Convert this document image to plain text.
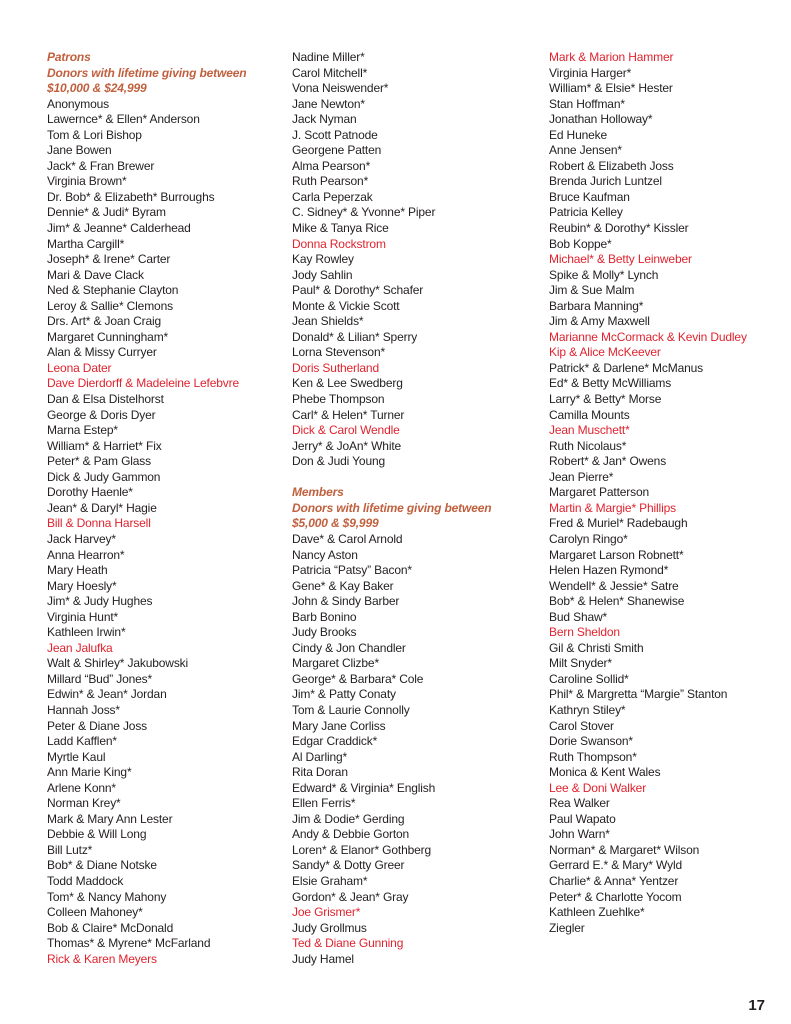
Patrons
Donors with lifetime giving between
$10,000 & $24,999
Anonymous
Lawernce* & Ellen* Anderson
Tom & Lori Bishop
Jane Bowen
Jack* & Fran Brewer
Virginia Brown*
Dr. Bob* & Elizabeth* Burroughs
Dennie* & Judi* Byram
Jim* & Jeanne* Calderhead
Martha Cargill*
Joseph* & Irene* Carter
Mari & Dave Clack
Ned & Stephanie Clayton
Leroy & Sallie* Clemons
Drs. Art* & Joan Craig
Margaret Cunningham*
Alan & Missy Curryer
Leona Dater
Dave Dierdorff & Madeleine Lefebvre
Dan & Elsa Distelhorst
George & Doris Dyer
Marna Estep*
William* & Harriet* Fix
Peter* & Pam Glass
Dick & Judy Gammon
Dorothy Haenle*
Jean* & Daryl* Hagie
Bill & Donna Harsell
Jack Harvey*
Anna Hearron*
Mary Heath
Mary Hoesly*
Jim* & Judy Hughes
Virginia Hunt*
Kathleen Irwin*
Jean Jalufka
Walt & Shirley* Jakubowski
Millard “Bud” Jones*
Edwin* & Jean* Jordan
Hannah Joss*
Peter & Diane Joss
Ladd Kafflen*
Myrtle Kaul
Ann Marie King*
Arlene Konn*
Norman Krey*
Mark & Mary Ann Lester
Debbie & Will Long
Bill Lutz*
Bob* & Diane Notske
Todd Maddock
Tom* & Nancy Mahony
Colleen Mahoney*
Bob & Claire* McDonald
Thomas* & Myrene* McFarland
Rick & Karen Meyers
Nadine Miller*
Carol Mitchell*
Vona Neiswender*
Jane Newton*
Jack Nyman
J. Scott Patnode
Georgene Patten
Alma Pearson*
Ruth Pearson*
Carla Peperzak
C. Sidney* & Yvonne* Piper
Mike & Tanya Rice
Donna Rockstrom
Kay Rowley
Jody Sahlin
Paul* & Dorothy* Schafer
Monte & Vickie Scott
Jean Shields*
Donald* & Lilian* Sperry
Lorna Stevenson*
Doris Sutherland
Ken & Lee Swedberg
Phebe Thompson
Carl* & Helen* Turner
Dick & Carol Wendle
Jerry* & JoAn* White
Don & Judi Young
Members
Donors with lifetime giving between
$5,000 & $9,999
Dave* & Carol Arnold
Nancy Aston
Patricia “Patsy” Bacon*
Gene* & Kay Baker
John & Sindy Barber
Barb Bonino
Judy Brooks
Cindy & Jon Chandler
Margaret Clizbe*
George* & Barbara* Cole
Jim* & Patty Conaty
Tom & Laurie Connolly
Mary Jane Corliss
Edgar Craddick*
Al Darling*
Rita Doran
Edward* & Virginia* English
Ellen Ferris*
Jim & Dodie* Gerding
Andy & Debbie Gorton
Loren* & Elanor* Gothberg
Sandy* & Dotty Greer
Elsie Graham*
Gordon* & Jean* Gray
Joe Grismer*
Judy Grollmus
Ted & Diane Gunning
Judy Hamel
Mark & Marion Hammer
Virginia Harger*
William* & Elsie* Hester
Stan Hoffman*
Jonathan Holloway*
Ed Huneke
Anne Jensen*
Robert & Elizabeth Joss
Brenda Jurich Luntzel
Bruce Kaufman
Patricia Kelley
Reubin* & Dorothy* Kissler
Bob Koppe*
Michael* & Betty Leinweber
Spike & Molly* Lynch
Jim & Sue Malm
Barbara Manning*
Jim & Amy Maxwell
Marianne McCormack & Kevin Dudley
Kip & Alice McKeever
Patrick* & Darlene* McManus
Ed* & Betty McWilliams
Larry* & Betty* Morse
Camilla Mounts
Jean Muschett*
Ruth Nicolaus*
Robert* & Jan* Owens
Jean Pierre*
Margaret Patterson
Martin & Margie* Phillips
Fred & Muriel* Radebaugh
Carolyn Ringo*
Margaret Larson Robnett*
Helen Hazen Rymond*
Wendell* & Jessie* Satre
Bob* & Helen* Shanewise
Bud Shaw*
Bern Sheldon
Gil & Christi Smith
Milt Snyder*
Caroline Sollid*
Phil* & Margretta “Margie” Stanton
Kathryn Stiley*
Carol Stover
Dorie Swanson*
Ruth Thompson*
Monica & Kent Wales
Lee & Doni Walker
Rea Walker
Paul Wapato
John Warn*
Norman* & Margaret* Wilson
Gerrard E.* & Mary* Wyld
Charlie* & Anna* Yentzer
Peter* & Charlotte Yocom
Kathleen Zuehlke*
Ziegler
17
